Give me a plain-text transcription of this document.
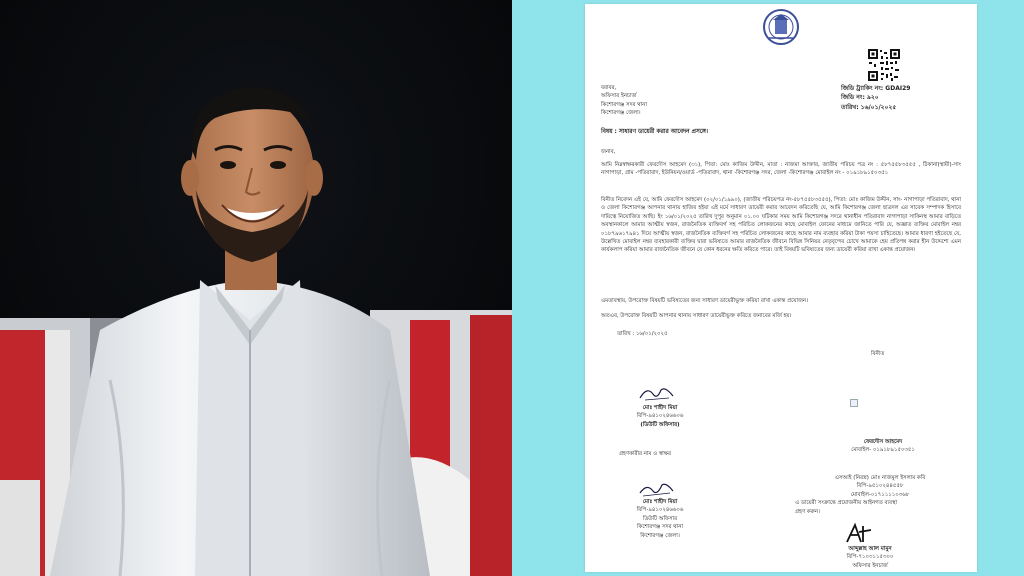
জিডি ট্র্যাকিং নং: GDAI29
জিডি নং: ৯২০
তারিখ: ১৬/০১/২০২৫
বরাবর,
অফিসার ইনচার্জ
কিশোরগঞ্জ সদর থানা
কিশোরগঞ্জ জেলা।
বিষয় : সাধারণ ডায়েরী করার আবেদন প্রসঙ্গে।
জনাব,
আমি নিম্নস্বাক্ষরকারী ফেরদৌস আহমেদ (৩১), পিতা: মোঃ কাজিম উদ্দীন, মাতা : নাজমা আক্তার, জাতীয় পরিচয় পত্র নং : ৫৮৭৫৫৮৩৫৫৫ , ঠিকানা(স্থায়ী)-সাং নাগাপাড়া, গ্রাম -পতিরাবাদ, ইউনিয়ন/ওয়ার্ড -পতিরাবাদ, থানা -কিশোরগঞ্জ সদর, জেলা -কিশোরগঞ্জ মোবাইল নং - ০১৯১৮৯১৫০৩৫১
বিনীত নিবেদন এই যে, আমি ফেরদৌস আহমেদ (০২/০১/১৯৯০), (জাতীয় পরিচয়পত্র নং-৫৮৭৫৫৮৩৫৫৫), পিতা: মোঃ কাজিম উদ্দীন, সাং- নাগাপাড়া পতিরাবাদ, থানা ও জেলা কিশোরগঞ্জ আপনার থানায় হাজির হইয়া এই মর্মে সাধারণ ডায়েরী করার আবেদন করিতেছি যে, আমি কিশোরগঞ্জ জেলা ছাত্রদল এর সাবেক সম্পাদক হিসাবে দায়িত্বে নিয়োজিত আছি। ইং ১৬/০১/২০২৫ তারিখ দুপুর অনুমান ০১.০০ ঘটিকার সময় আমি কিশোরগঞ্জ সদরে থানাধীন পতিরাবাদ নাগাপাড়া সাকিনস্থ আমার বাড়িতে অবস্থানকালে আমার আত্মীয় স্বজন, রাজনৈতিক ব্যক্তিবর্গ সহ পরিচিত লোকজনের কাছে মোবাইল ফোনের মাধ্যমে জানিতে পারি যে, অজ্ঞাত ব্যক্তির মোবাইল নম্বর ০১৮৭৯৬১৭৯৪১ দিয়ে আত্মীয় স্বজন, রাজনৈতিক ব্যক্তিবর্গ সহ পরিচিত লোকজনের কাছে আমার নাম ব্যবহার করিয়া টাকা পয়সা চাহিতেছে। আমার ধারণা হইতেছে যে, উল্লেখিত মোবাইল নম্বর ব্যবহারকারী ব্যক্তির দ্বারা ভবিষ্যতে আমার রাজনৈতিক জীবনে বিভিন্ন সিনিয়র নেতৃবৃন্দের চোখে আমাকে হেয় প্রতিপন্ন করার হীন উদ্দেশ্যে এমন কার্যকলাপ করিয়া আমার রাজনৈতিক জীবনে যে কোন ধরনের ক্ষতি করিতে পারে। তাই বিষয়টি ভবিষ্যতের জন্য ডায়েরী করিয়া রাখা একান্ত প্রয়োজন।
এমতাবস্থায়, উপরোক্ত বিষয়টি ভবিষ্যতের জন্য সাধারণ ডায়েরীভুক্ত করিয়া রাখা একান্ত প্রয়োজন।
অতএব, উপরোক্ত বিষয়টি আপনার থানায় সাধারণ ডায়েরীভুক্ত করিতে জনাবের মর্জি হয়।
তারিখ : ১৬/০১/২০২৫
বিনীত
মোঃ শাহীদ মিয়া
বিপি-৯৪১০২৪৬৬০৬
(ডিউটি অফিসার)
গ্রহণকারীর নাম ও স্বাক্ষর
ফেরদৌস আহমেদ
মোবাইল- ০১৯১৮৯১৫০৩৫১
মোঃ শাহীদ মিয়া
বিপি-৯৪১০২৪৬৬০৬
ডিউটি অফিসার
কিশোরগঞ্জ সদর থানা
কিশোরগঞ্জ জেলা।
এসআই (নিরস্ত্র) মোঃ নাজমুল ইসলাম কবি
বিপি-৯৫১০২৪৪৫৫৮
মোবাইল-০১৭১১১১০৩৬৮
এ ডায়েরী সংক্রান্তে প্রয়োজনীয় আইনগত ব্যবস্থা
গ্রহণ করুন।
আব্দুল্লাহ আল মামুন
বিপি-৭১০৩১১৫৩০০
অফিসার ইনচার্জ
